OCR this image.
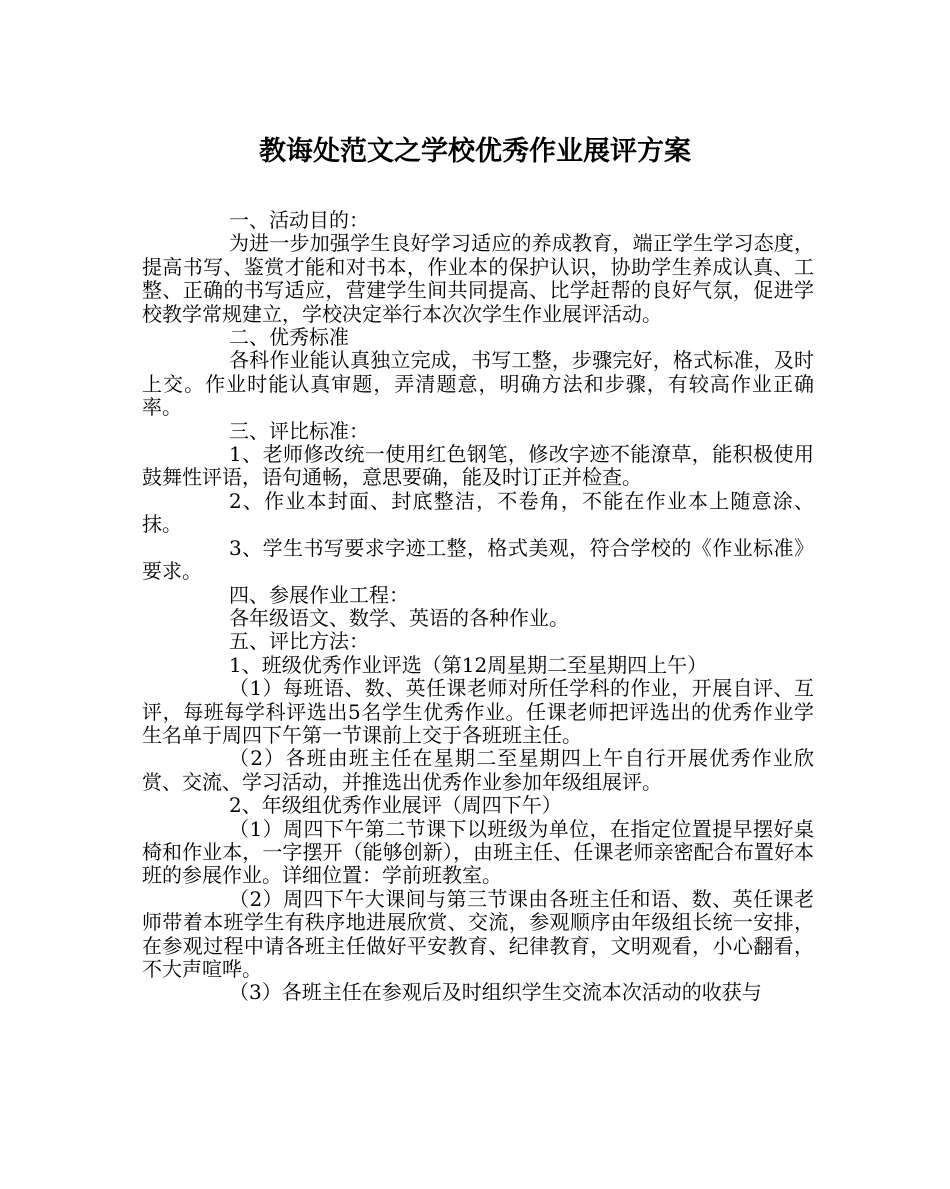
教诲处范文之学校优秀作业展评方案

一、活动目的：

为进一步加强学生良好学习适应的养成教育，端正学生学习态度，提高书写、鉴赏才能和对书本，作业本的保护认识，协助学生养成认真、工整、正确的书写适应，营建学生间共同提高、比学赶帮的良好气氛，促进学校教学常规建立，学校决定举行本次次学生作业展评活动。

二、优秀标准

各科作业能认真独立完成，书写工整，步骤完好，格式标准，及时上交。作业时能认真审题，弄清题意，明确方法和步骤，有较高作业正确率。

三、评比标准：

1、老师修改统一使用红色钢笔，修改字迹不能潦草，能积极使用鼓舞性评语，语句通畅，意思要确，能及时订正并检查。

2、作业本封面、封底整洁，不卷角，不能在作业本上随意涂、抹。

3、学生书写要求字迹工整，格式美观，符合学校的《作业标准》要求。

四、参展作业工程：

各年级语文、数学、英语的各种作业。

五、评比方法：

1、班级优秀作业评选（第12周星期二至星期四上午）

（1）每班语、数、英任课老师对所任学科的作业，开展自评、互评，每班每学科评选出5名学生优秀作业。任课老师把评选出的优秀作业学生名单于周四下午第一节课前上交于各班班主任。

（2）各班由班主任在星期二至星期四上午自行开展优秀作业欣赏、交流、学习活动，并推选出优秀作业参加年级组展评。

2、年级组优秀作业展评（周四下午）

（1）周四下午第二节课下以班级为单位，在指定位置提早摆好桌椅和作业本，一字摆开（能够创新），由班主任、任课老师亲密配合布置好本班的参展作业。详细位置：学前班教室。

（2）周四下午大课间与第三节课由各班主任和语、数、英任课老师带着本班学生有秩序地进展欣赏、交流，参观顺序由年级组长统一安排，在参观过程中请各班主任做好平安教育、纪律教育，文明观看，小心翻看，不大声喧哗。

（3）各班主任在参观后及时组织学生交流本次活动的收获与
